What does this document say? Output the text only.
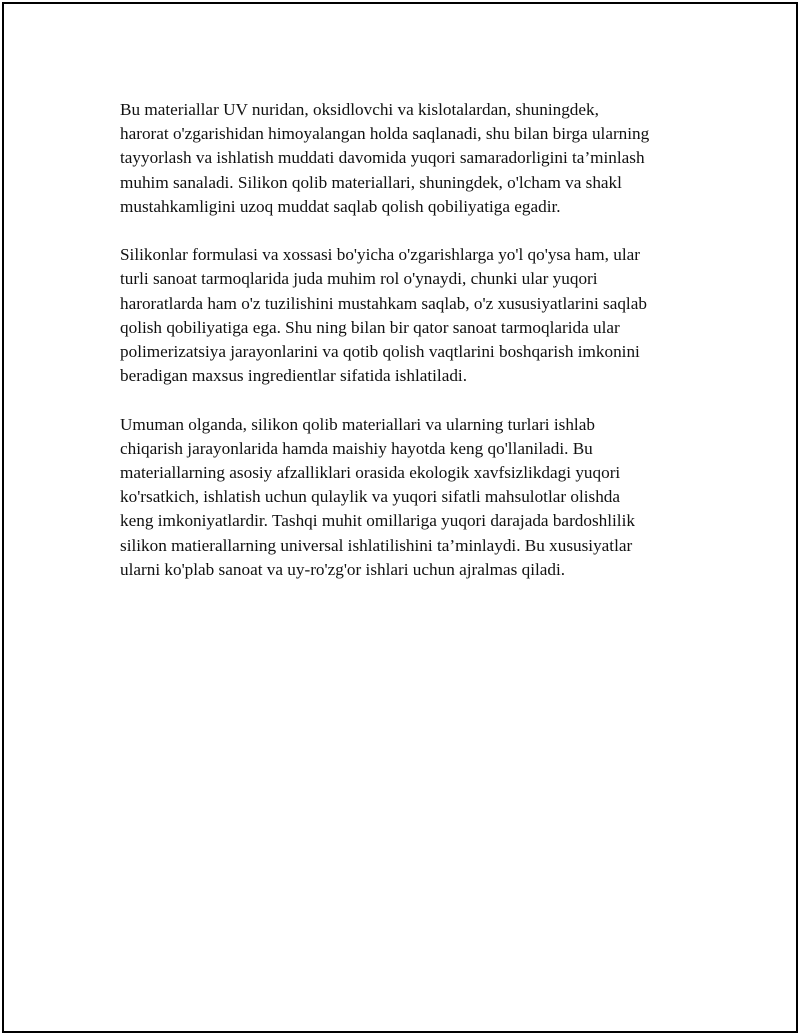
Bu materiallar UV nuridan, oksidlovchi va kislotalardan, shuningdek,
harorat o'zgarishidan himoyalangan holda saqlanadi, shu bilan birga ularning
tayyorlash va ishlatish muddati davomida yuqori samaradorligini ta’minlash
muhim sanaladi. Silikon qolib materiallari, shuningdek, o'lcham va shakl
mustahkamligini uzoq muddat saqlab qolish qobiliyatiga egadir.

Silikonlar formulasi va xossasi bo'yicha o'zgarishlarga yo'l qo'ysa ham, ular
turli sanoat tarmoqlarida juda muhim rol o'ynaydi, chunki ular yuqori
haroratlarda ham o'z tuzilishini mustahkam saqlab, o'z xususiyatlarini saqlab
qolish qobiliyatiga ega. Shu ning bilan bir qator sanoat tarmoqlarida ular
polimerizatsiya jarayonlarini va qotib qolish vaqtlarini boshqarish imkonini
beradigan maxsus ingredientlar sifatida ishlatiladi.

Umuman olganda, silikon qolib materiallari va ularning turlari ishlab
chiqarish jarayonlarida hamda maishiy hayotda keng qo'llaniladi. Bu
materiallarning asosiy afzalliklari orasida ekologik xavfsizlikdagi yuqori
ko'rsatkich, ishlatish uchun qulaylik va yuqori sifatli mahsulotlar olishda
keng imkoniyatlardir. Tashqi muhit omillariga yuqori darajada bardoshlilik
silikon matierallarning universal ishlatilishini ta’minlaydi. Bu xususiyatlar
ularni ko'plab sanoat va uy-ro'zg'or ishlari uchun ajralmas qiladi.
